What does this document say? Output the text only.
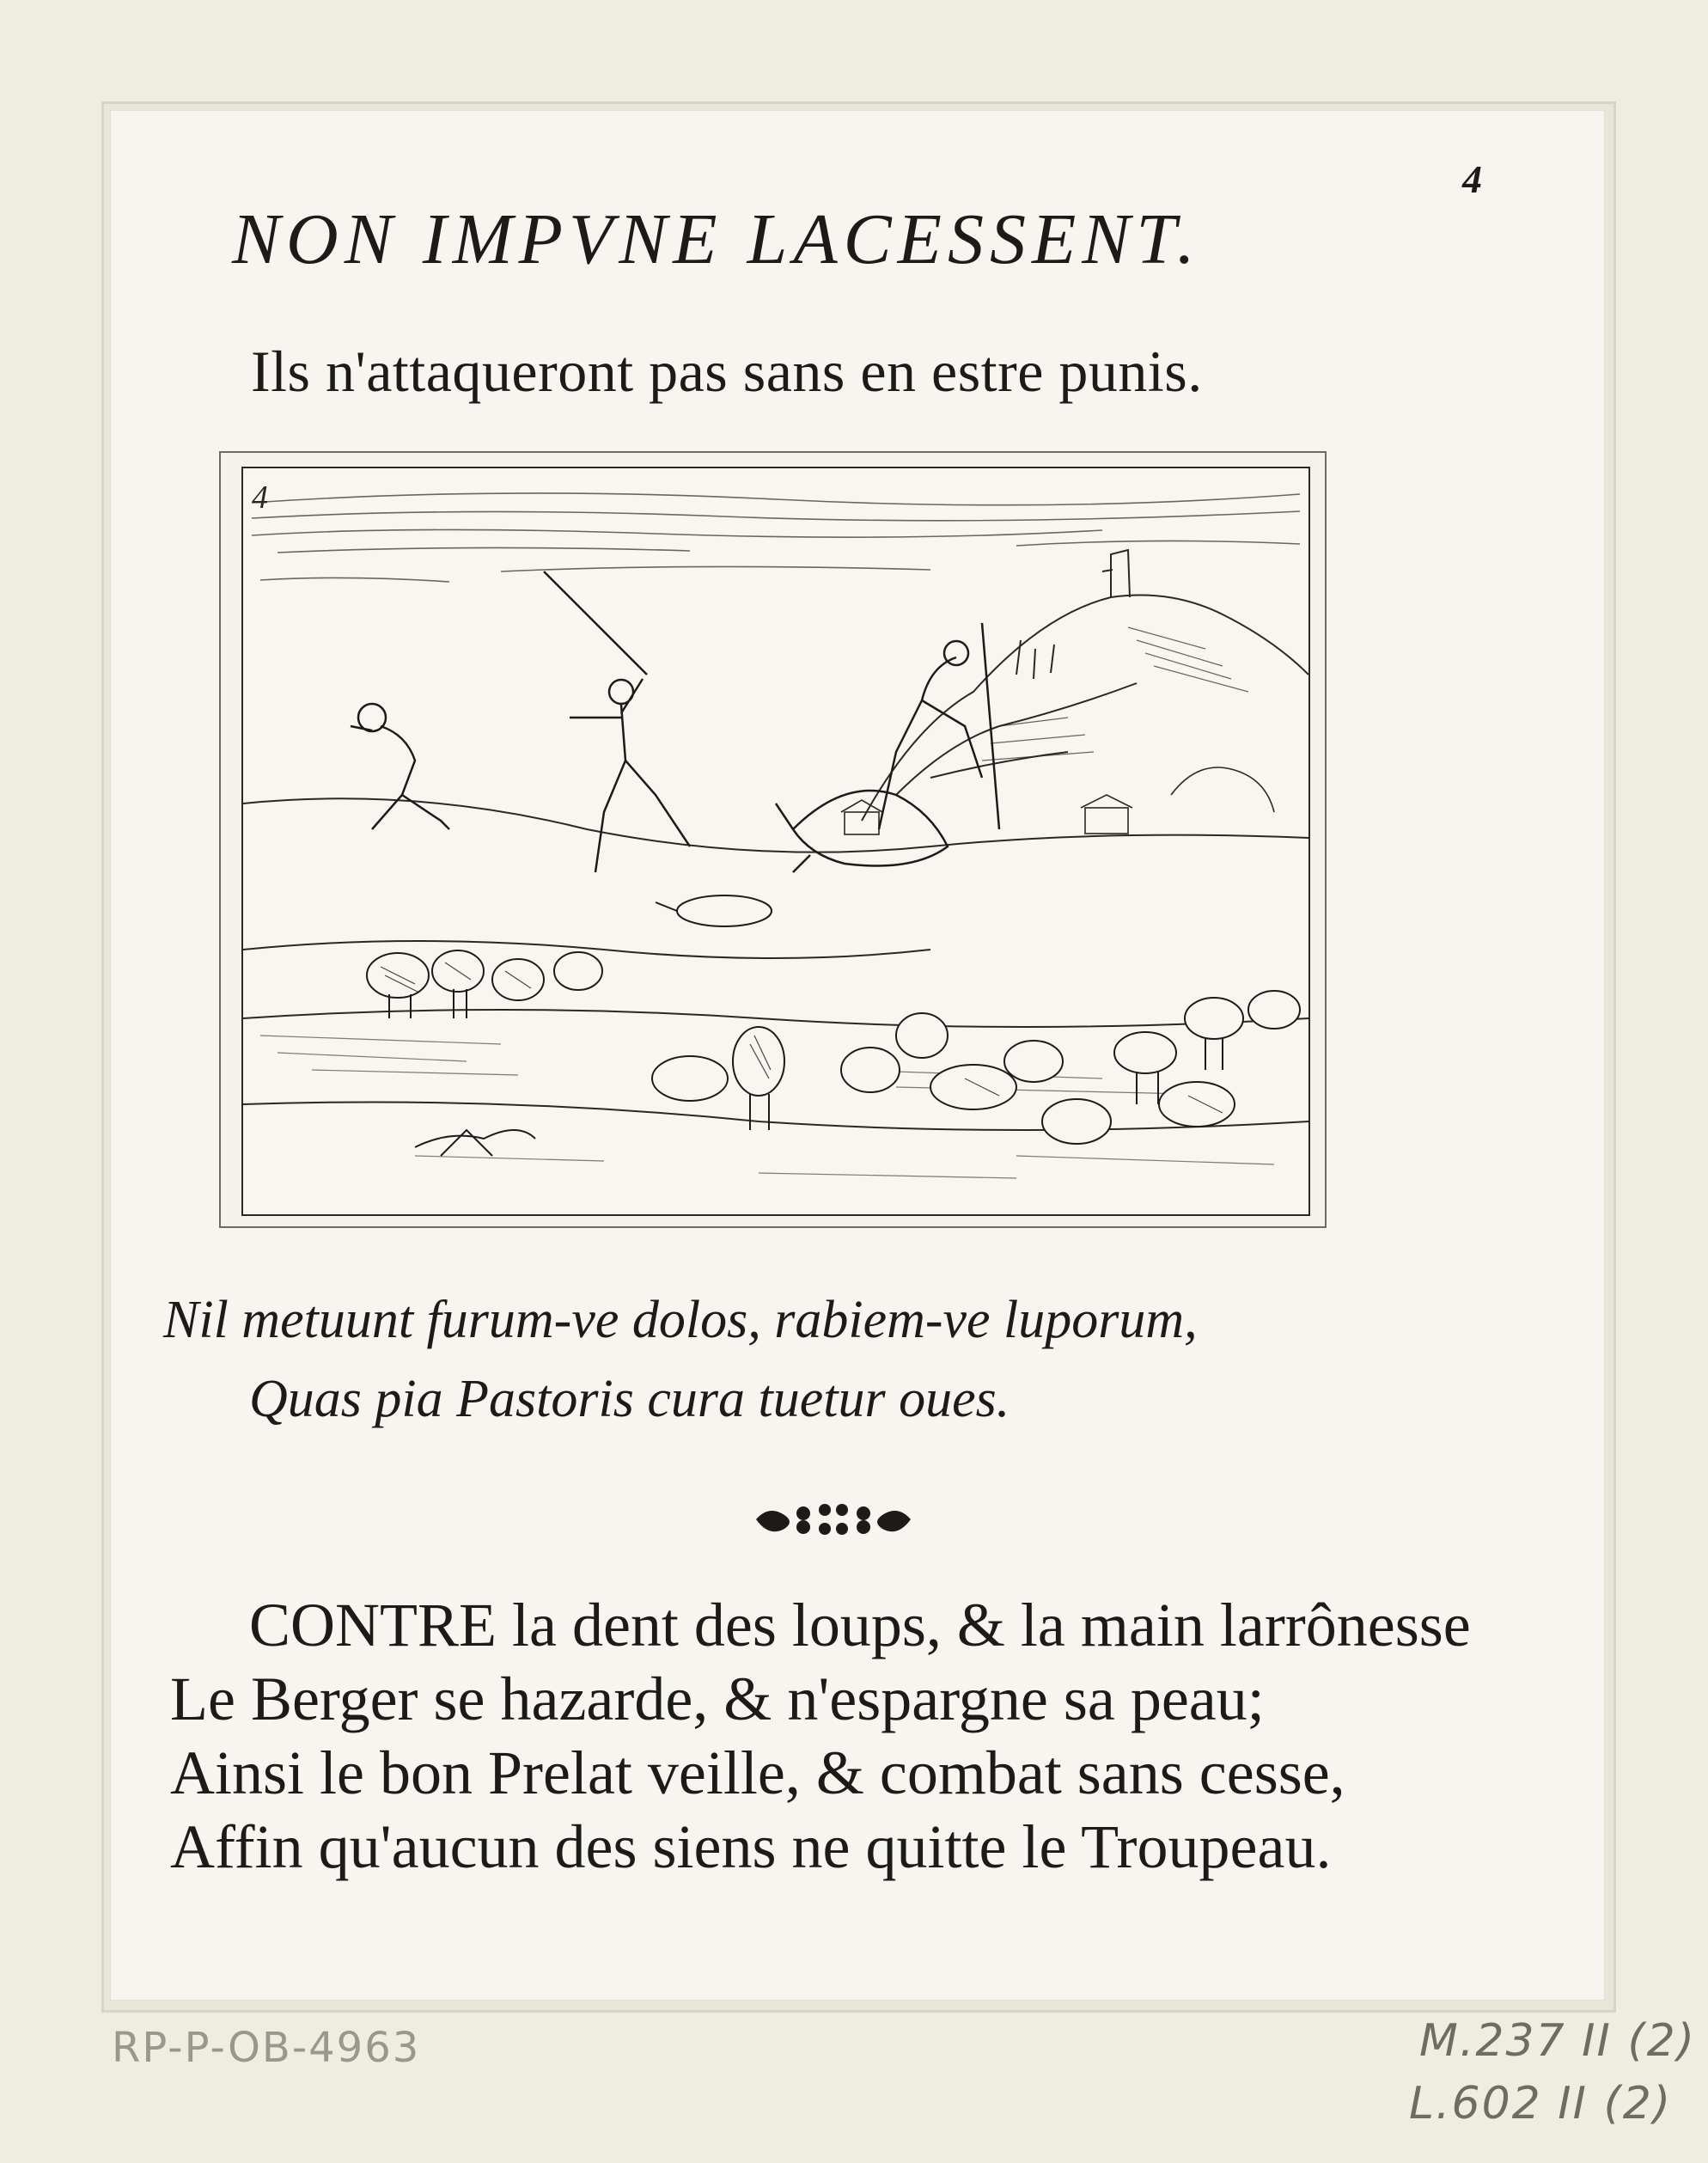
4
NON IMPVNE LACESSENT.
Ils n'attaqueront pas sans en estre punis.
4
Nil metuunt furum-ve dolos, rabiem-ve luporum,
Quas pia Pastoris cura tuetur oues.
CONTRE la dent des loups, & la main larrônesse
Le Berger se hazarde, & n'espargne sa peau;
Ainsi le bon Prelat veille, & combat sans cesse,
Affin qu'aucun des siens ne quitte le Troupeau.
RP-P-OB-4963	M.237 II (2)
L.602 II (2)
